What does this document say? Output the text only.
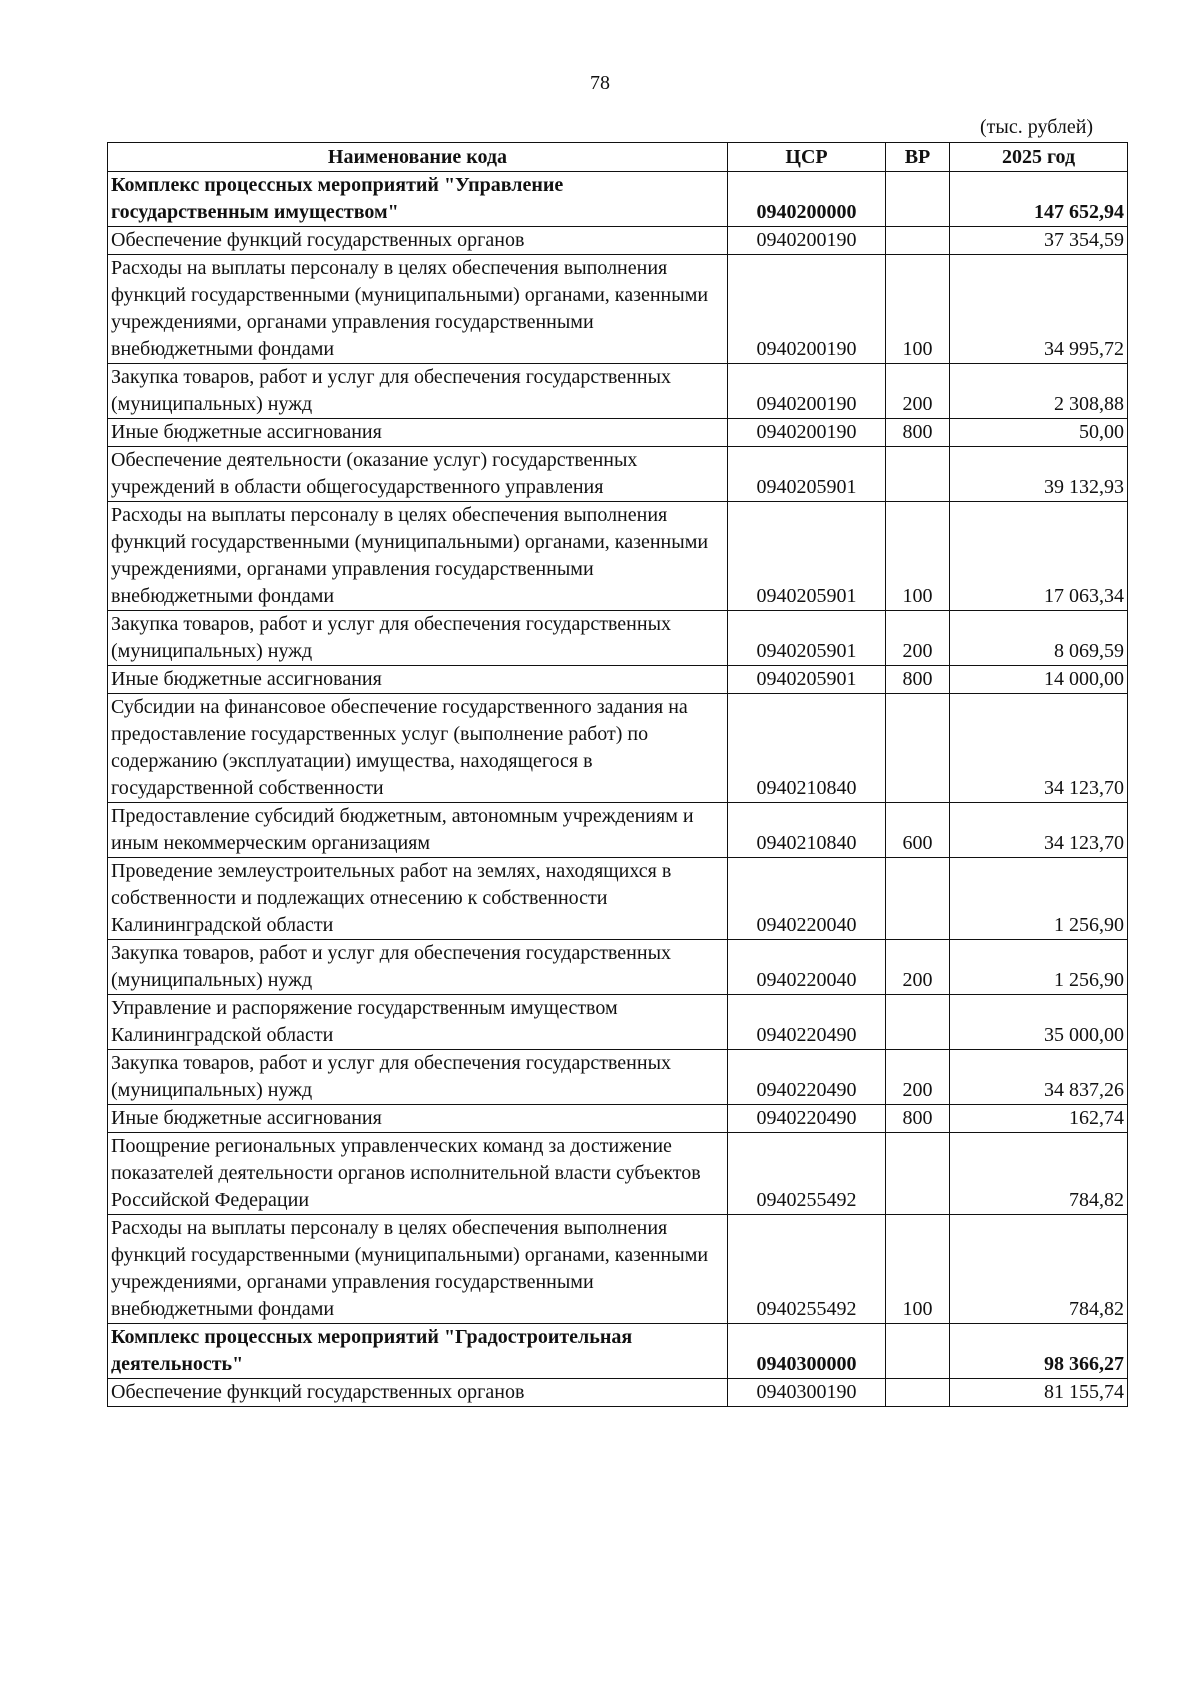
78
(тыс. рублей)
Наименование кода	ЦСР	ВР	2025 год
Комплекс процессных мероприятий "Управление государственным имуществом"	0940200000		147 652,94
Обеспечение функций государственных органов	0940200190		37 354,59
Расходы на выплаты персоналу в целях обеспечения выполнения функций государственными (муниципальными) органами, казенными учреждениями, органами управления государственными внебюджетными фондами	0940200190	100	34 995,72
Закупка товаров, работ и услуг для обеспечения государственных (муниципальных) нужд	0940200190	200	2 308,88
Иные бюджетные ассигнования	0940200190	800	50,00
Обеспечение деятельности (оказание услуг) государственных учреждений в области общегосударственного управления	0940205901		39 132,93
Расходы на выплаты персоналу в целях обеспечения выполнения функций государственными (муниципальными) органами, казенными учреждениями, органами управления государственными внебюджетными фондами	0940205901	100	17 063,34
Закупка товаров, работ и услуг для обеспечения государственных (муниципальных) нужд	0940205901	200	8 069,59
Иные бюджетные ассигнования	0940205901	800	14 000,00
Субсидии на финансовое обеспечение государственного задания на предоставление государственных услуг (выполнение работ) по содержанию (эксплуатации) имущества, находящегося в государственной собственности	0940210840		34 123,70
Предоставление субсидий бюджетным, автономным учреждениям и иным некоммерческим организациям	0940210840	600	34 123,70
Проведение землеустроительных работ на землях, находящихся в собственности и подлежащих отнесению к собственности Калининградской области	0940220040		1 256,90
Закупка товаров, работ и услуг для обеспечения государственных (муниципальных) нужд	0940220040	200	1 256,90
Управление и распоряжение государственным имуществом Калининградской области	0940220490		35 000,00
Закупка товаров, работ и услуг для обеспечения государственных (муниципальных) нужд	0940220490	200	34 837,26
Иные бюджетные ассигнования	0940220490	800	162,74
Поощрение региональных управленческих команд за достижение показателей деятельности органов исполнительной власти субъектов Российской Федерации	0940255492		784,82
Расходы на выплаты персоналу в целях обеспечения выполнения функций государственными (муниципальными) органами, казенными учреждениями, органами управления государственными внебюджетными фондами	0940255492	100	784,82
Комплекс процессных мероприятий "Градостроительная деятельность"	0940300000		98 366,27
Обеспечение функций государственных органов	0940300190		81 155,74
